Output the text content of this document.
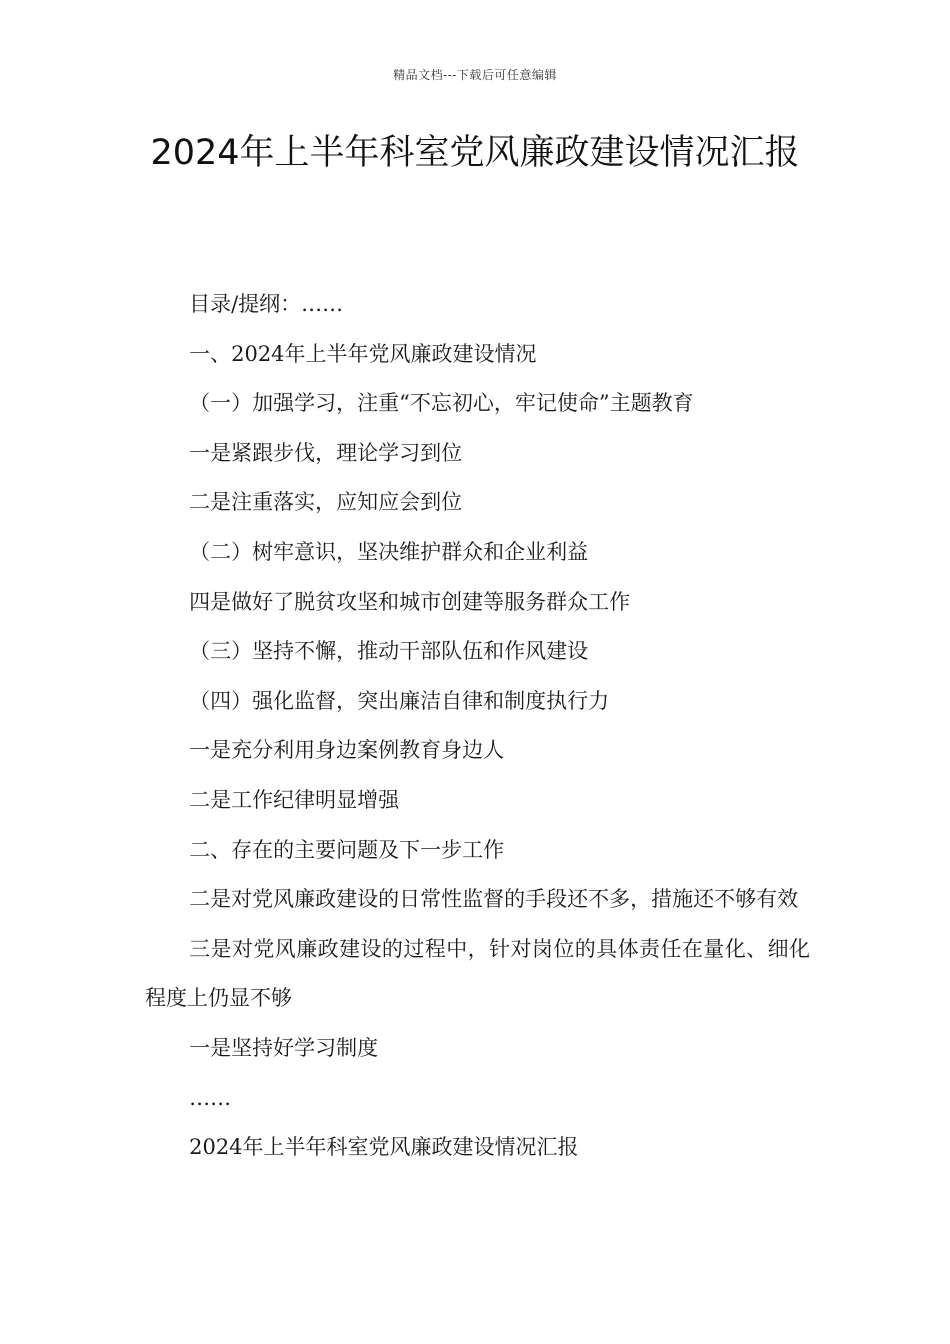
精品文档---下载后可任意编辑
2024年上半年科室党风廉政建设情况汇报

目录/提纲：……

一、2024年上半年党风廉政建设情况

（一）加强学习，注重“不忘初心，牢记使命”主题教育

一是紧跟步伐，理论学习到位

二是注重落实，应知应会到位

（二）树牢意识，坚决维护群众和企业利益

四是做好了脱贫攻坚和城市创建等服务群众工作

（三）坚持不懈，推动干部队伍和作风建设

（四）强化监督，突出廉洁自律和制度执行力

一是充分利用身边案例教育身边人

二是工作纪律明显增强

二、存在的主要问题及下一步工作

二是对党风廉政建设的日常性监督的手段还不多，措施还不够有效

三是对党风廉政建设的过程中，针对岗位的具体责任在量化、细化程度上仍显不够

一是坚持好学习制度

……

2024年上半年科室党风廉政建设情况汇报
